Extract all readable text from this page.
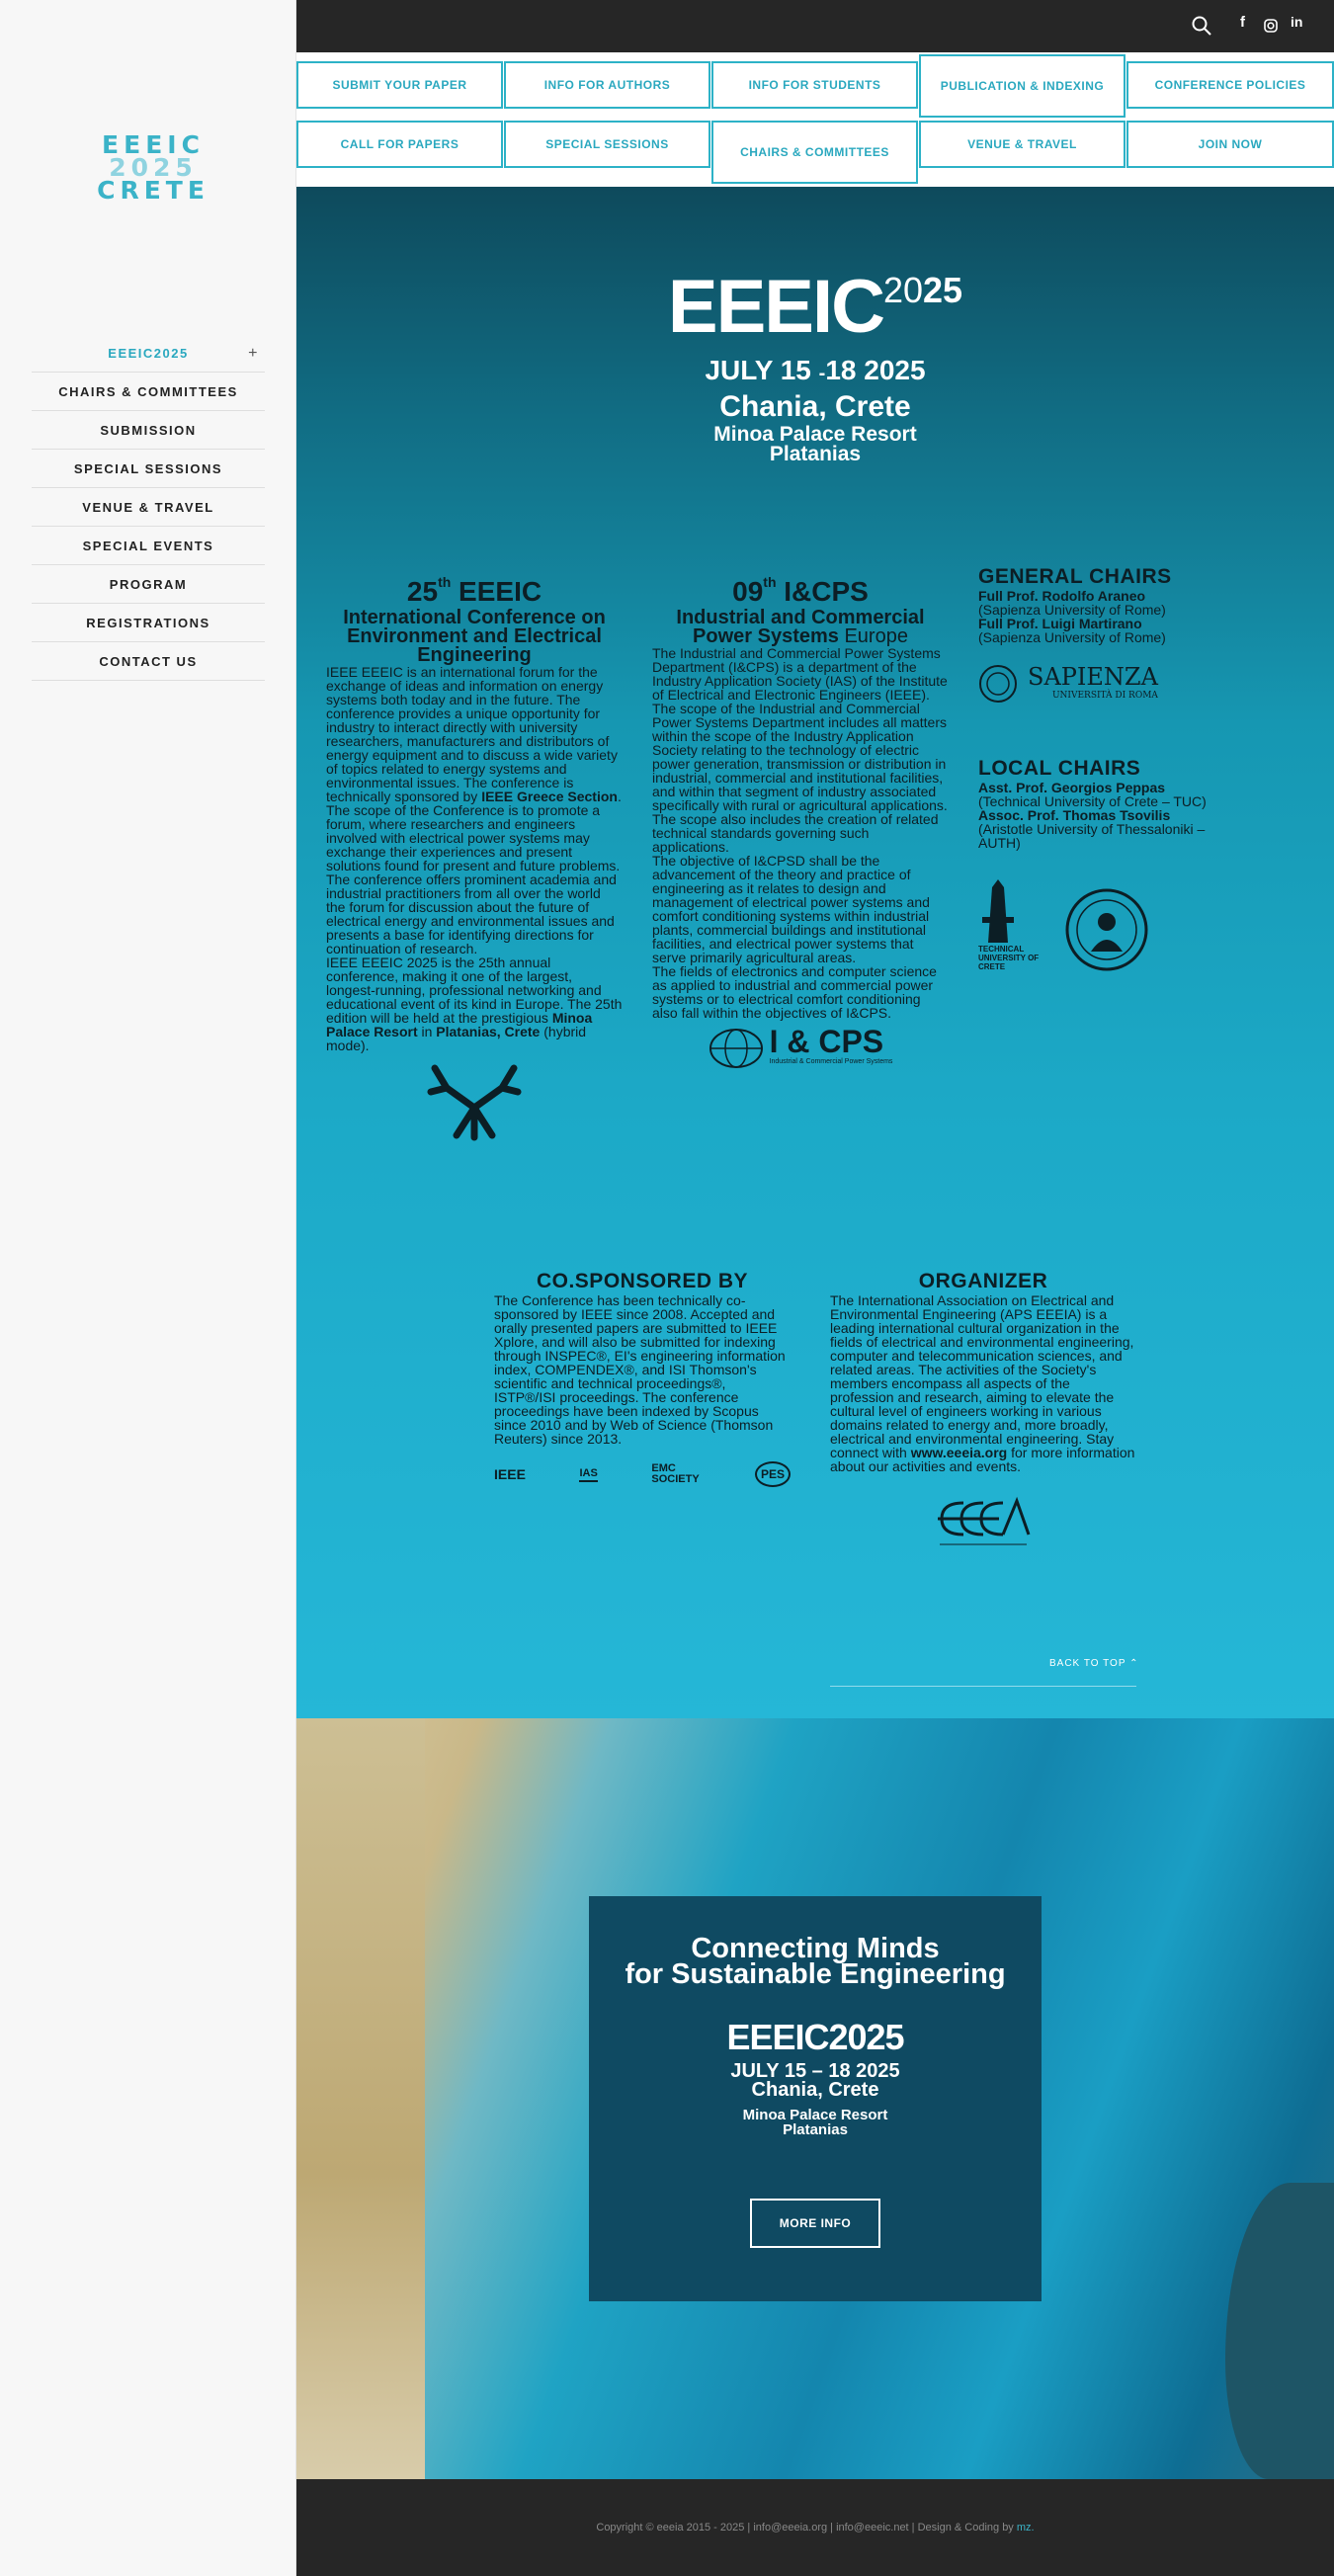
EEEIC
2025
CRETE
EEEIC2025	+
CHAIRS & COMMITTEES
SUBMISSION
SPECIAL SESSIONS
VENUE & TRAVEL
SPECIAL EVENTS
PROGRAM
REGISTRATIONS
CONTACT US
f	in
SUBMIT YOUR PAPER	INFO FOR AUTHORS	INFO FOR STUDENTS	PUBLICATION & INDEXING	CONFERENCE POLICIES
CALL FOR PAPERS	SPECIAL SESSIONS
CHAIRS & COMMITTEES
VENUE & TRAVEL	JOIN NOW
$EEEIC^{2025}$
JULY 15 -18 2025
Chania, Crete
Minoa Palace Resort
Platanias
25th EEEIC
International Conference on Environment and Electrical Engineering

IEEE EEEIC is an international forum for the exchange of ideas and information on energy systems both today and in the future. The conference provides a unique opportunity for industry to interact directly with university researchers, manufacturers and distributors of energy equipment and to discuss a wide variety of topics related to energy systems and environmental issues. The conference is technically sponsored by IEEE Greece Section.

The scope of the Conference is to promote a forum, where researchers and engineers involved with electrical power systems may exchange their experiences and present solutions found for present and future problems. The conference offers prominent academia and industrial practitioners from all over the world the forum for discussion about the future of electrical energy and environmental issues and presents a base for identifying directions for continuation of research.

IEEE EEEIC 2025 is the 25th annual conference, making it one of the largest, longest-running, professional networking and educational event of its kind in Europe. The 25th edition will be held at the prestigious Minoa Palace Resort in Platanias, Crete (hybrid mode).

09th I&CPS
Industrial and Commercial Power Systems Europe

The Industrial and Commercial Power Systems Department (I&CPS) is a department of the Industry Application Society (IAS) of the Institute of Electrical and Electronic Engineers (IEEE). The scope of the Industrial and Commercial Power Systems Department includes all matters within the scope of the Industry Application Society relating to the technology of electric power generation, transmission or distribution in industrial, commercial and institutional facilities, and within that segment of industry associated specifically with rural or agricultural applications. The scope also includes the creation of related technical standards governing such applications.

The objective of I&CPSD shall be the advancement of the theory and practice of engineering as it relates to design and management of electrical power systems and comfort conditioning systems within industrial plants, commercial buildings and institutional facilities, and electrical power systems that serve primarily agricultural areas.

The fields of electronics and computer science as applied to industrial and commercial power systems or to electrical comfort conditioning also fall within the objectives of I&CPS.

I & CPS
Industrial & Commercial Power Systems
GENERAL CHAIRS

Full Prof. Rodolfo Araneo
(Sapienza University of Rome)

Full Prof. Luigi Martirano
(Sapienza University of Rome)

SAPIENZA
UNIVERSITÀ DI ROMA
LOCAL CHAIRS

Asst. Prof. Georgios Peppas
(Technical University of Crete – TUC)

Assoc. Prof. Thomas Tsovilis
(Aristotle University of Thessaloniki – AUTH)

TECHNICAL UNIVERSITY OF CRETE
CO.SPONSORED BY

The Conference has been technically co-sponsored by IEEE since 2008. Accepted and orally presented papers are submitted to IEEE Xplore, and will also be submitted for indexing through INSPEC®, EI's engineering information index, COMPENDEX®, and ISI Thomson's scientific and technical proceedings®, ISTP®/ISI proceedings. The conference proceedings have been indexed by Scopus since 2010 and by Web of Science (Thomson Reuters) since 2013.

IEEE	IAS	EMC SOCIETY	PES
ORGANIZER

The International Association on Electrical and Environmental Engineering (APS EEEIA) is a leading international cultural organization in the fields of electrical and environmental engineering, computer and telecommunication sciences, and related areas. The activities of the Society's members encompass all aspects of the profession and research, aiming to elevate the cultural level of engineers working in various domains related to energy and, more broadly, electrical and environmental engineering. Stay connect with www.eeeia.org for more information about our activities and events.

BACK TO TOP ⌃
Connecting Minds
for Sustainable Engineering
EEEIC2025
JULY 15 – 18 2025
Chania, Crete
Minoa Palace Resort
Platanias
MORE INFO
Copyright © eeeia 2015 - 2025 | info@eeeia.org | info@eeeic.net | Design & Coding by mz.
